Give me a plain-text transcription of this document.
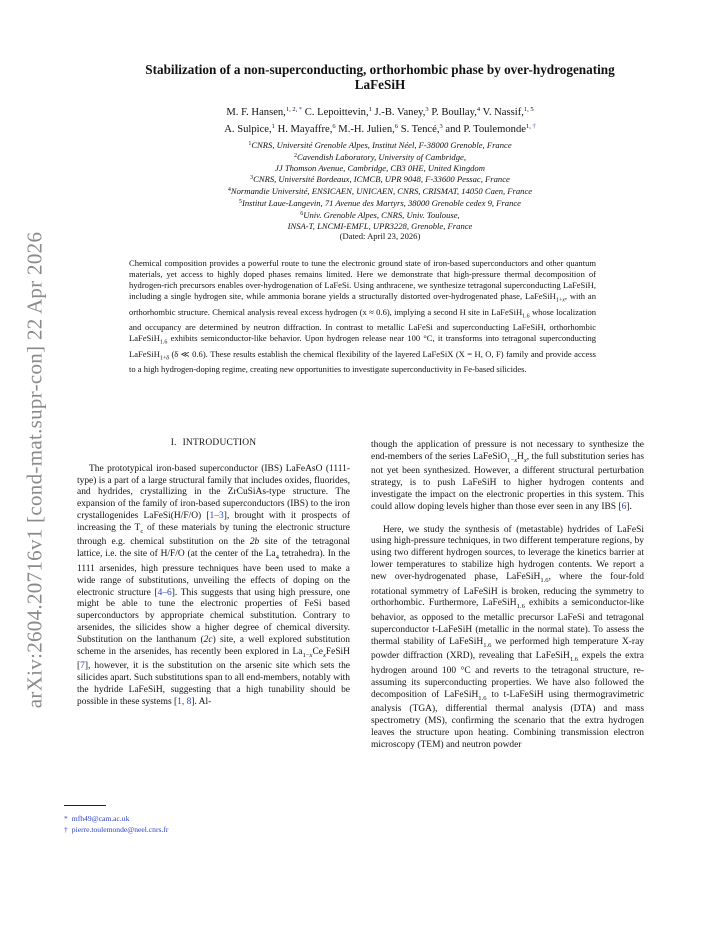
arXiv:2604.20716v1 [cond-mat.supr-con] 22 Apr 2026
Stabilization of a non-superconducting, orthorhombic phase by over-hydrogenating
LaFeSiH
M. F. Hansen,$^{1, 2, *}$ C. Lepoittevin,$^1$ J.-B. Vaney,$^3$ P. Boullay,$^4$ V. Nassif,$^{1, 5}$
A. Sulpice,$^1$ H. Mayaffre,$^6$ M.-H. Julien,$^6$ S. Tencé,$^3$ and P. Toulemonde$^{1, \dagger}$
$^1$CNRS, Université Grenoble Alpes, Institut Néel, F-38000 Grenoble, France
$^2$Cavendish Laboratory, University of Cambridge,
JJ Thomson Avenue, Cambridge, CB3 0HE, United Kingdom
$^3$CNRS, Université Bordeaux, ICMCB, UPR 9048, F-33600 Pessac, France
$^4$Normandie Université, ENSICAEN, UNICAEN, CNRS, CRISMAT, 14050 Caen, France
$^5$Institut Laue-Langevin, 71 Avenue des Martyrs, 38000 Grenoble cedex 9, France
$^6$Univ. Grenoble Alpes, CNRS, Univ. Toulouse,
INSA-T, LNCMI-EMFL, UPR3228, Grenoble, France
(Dated: April 23, 2026)
Chemical composition provides a powerful route to tune the electronic ground state of iron-based superconductors and other quantum materials, yet access to highly doped phases remains limited. Here we demonstrate that high-pressure thermal decomposition of hydrogen-rich precursors enables over-hydrogenation of LaFeSi. Using anthracene, we synthesize tetragonal superconducting LaFeSiH, including a single hydrogen site, while ammonia borane yields a structurally distorted over-hydrogenated phase, LaFeSiH$_{1+x}$, with an orthorhombic structure. Chemical analysis reveal excess hydrogen (x ≈ 0.6), implying a second H site in LaFeSiH$_{1.6}$ whose localization and occupancy are determined by neutron diffraction. In contrast to metallic LaFeSi and superconducting LaFeSiH, orthorhombic LaFeSiH$_{1.6}$ exhibits semiconductor-like behavior. Upon hydrogen release near 100 °C, it transforms into tetragonal superconducting LaFeSiH$_{1+\delta}$ (δ ≪ 0.6). These results establish the chemical flexibility of the layered LaFeSiX (X = H, O, F) family and provide access to a high hydrogen-doping regime, creating new opportunities to investigate superconductivity in Fe-based silicides.
I. INTRODUCTION

The prototypical iron-based superconductor (IBS) LaFeAsO (1111-type) is a part of a large structural family that includes oxides, fluorides, and hydrides, crystallizing in the ZrCuSiAs-type structure. The expansion of the family of iron-based superconductors (IBS) to the iron crystallogenides LaFeSi(H/F/O) [1–3], brought with it prospects of increasing the $T_c$ of these materials by tuning the electronic structure through e.g. chemical substitution on the 2b site of the tetragonal lattice, i.e. the site of H/F/O (at the center of the $La_4$ tetrahedra). In the 1111 arsenides, high pressure techniques have been used to make a wide range of substitutions, unveiling the effects of doping on the electronic structure [4–6]. This suggests that using high pressure, one might be able to tune the electronic properties of FeSi based superconductors by appropriate chemical substitution. Contrary to arsenides, the silicides show a higher degree of chemical diversity. Substitution on the lanthanum (2c) site, a well explored substitution scheme in the arsenides, has recently been explored in $La_{1-x}Ce_xFeSiH$ [7], however, it is the substitution on the arsenic site which sets the silicides apart. Such substitutions span to all end-members, notably with the hydride LaFeSiH, suggesting that a high tunability should be possible in these systems [1, 8]. Al-

though the application of pressure is not necessary to synthesize the end-members of the series $LaFeSiO_{1-x}H_x$, the full substitution series has not yet been synthesized. However, a different structural perturbation strategy, is to push LaFeSiH to higher hydrogen contents and investigate the impact on the electronic properties in this system. This could allow doping levels higher than those ever seen in any IBS [6].

Here, we study the synthesis of (metastable) hydrides of LaFeSi using high-pressure techniques, in two different temperature regions, by using two different hydrogen sources, to leverage the kinetics barrier at lower temperatures to stabilize high hydrogen contents. We report a new over-hydrogenated phase, LaFeSiH$_{1.6}$, where the four-fold rotational symmetry of LaFeSiH is broken, reducing the symmetry to orthorhombic. Furthermore, LaFeSiH$_{1.6}$ exhibits a semiconductor-like behavior, as opposed to the metallic precursor LaFeSi and tetragonal superconductor t-LaFeSiH (metallic in the normal state). To assess the thermal stability of LaFeSiH$_{1.6}$ we performed high temperature X-ray powder diffraction (XRD), revealing that LaFeSiH$_{1.6}$ expels the extra hydrogen around 100 °C and reverts to the tetragonal structure, re-assuming its superconducting properties. We have also followed the decomposition of LaFeSiH$_{1.6}$ to t-LaFeSiH using thermogravimetric analysis (TGA), differential thermal analysis (DTA) and mass spectrometry (MS), confirming the scenario that the extra hydrogen leaves the structure upon heating. Combining transmission electron microscopy (TEM) and neutron powder

* mfh49@cam.ac.uk
† pierre.toulemonde@neel.cnrs.fr
